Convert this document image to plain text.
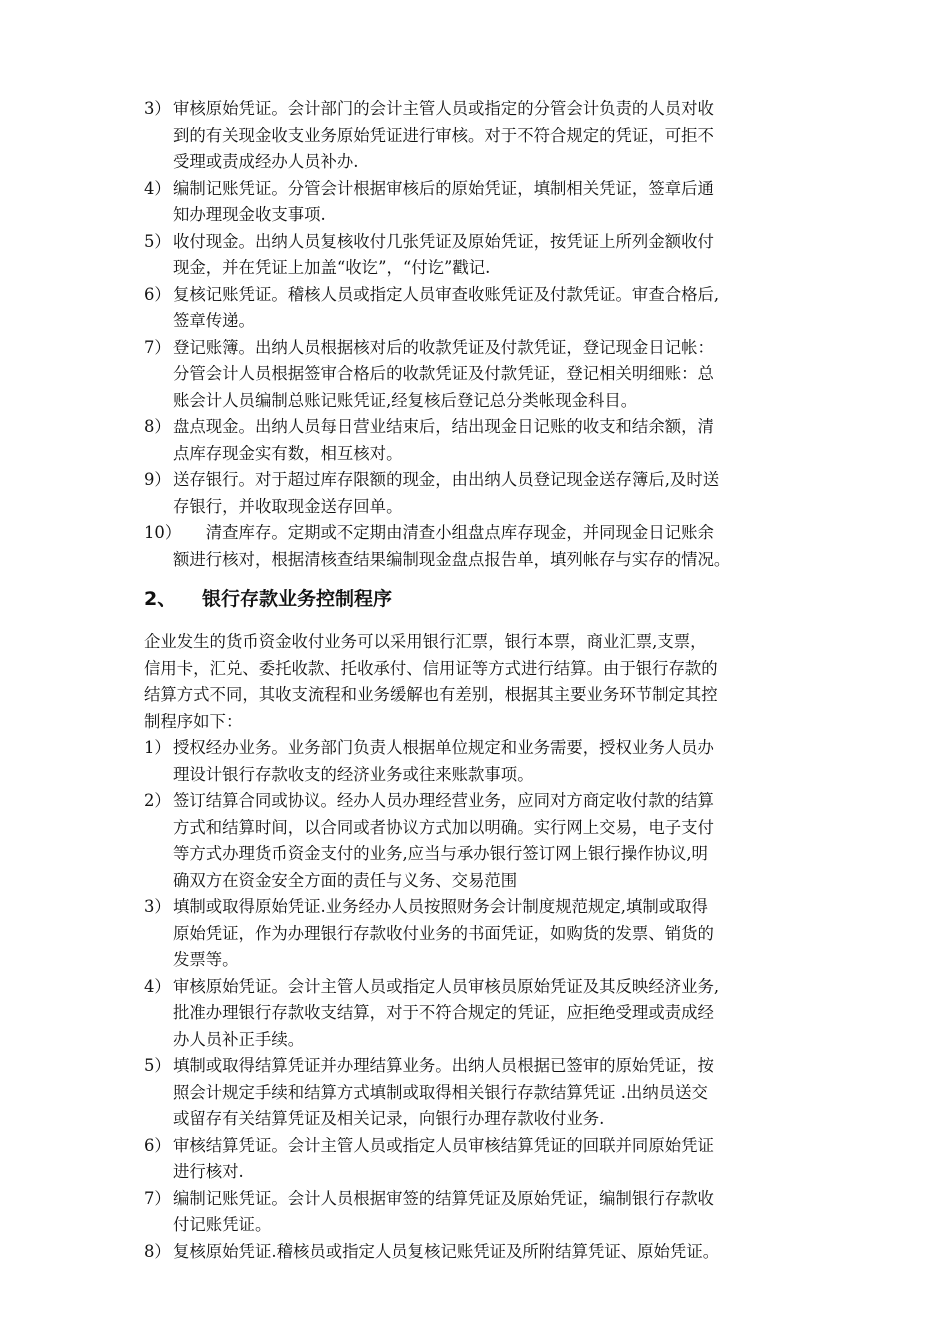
3） 审核原始凭证。会计部门的会计主管人员或指定的分管会计负责的人员对收

到的有关现金收支业务原始凭证进行审核。对于不符合规定的凭证，可拒不

受理或责成经办人员补办.

4） 编制记账凭证。分管会计根据审核后的原始凭证，填制相关凭证，签章后通

知办理现金收支事项.

5） 收付现金。出纳人员复核收付几张凭证及原始凭证，按凭证上所列金额收付

现金，并在凭证上加盖“收讫”，“付讫”戳记.

6） 复核记账凭证。稽核人员或指定人员审查收账凭证及付款凭证。审查合格后,

签章传递。

7） 登记账簿。出纳人员根据核对后的收款凭证及付款凭证，登记现金日记帐：

分管会计人员根据签审合格后的收款凭证及付款凭证，登记相关明细账：总

账会计人员编制总账记账凭证,经复核后登记总分类帐现金科目。

8） 盘点现金。出纳人员每日营业结束后，结出现金日记账的收支和结余额，清

点库存现金实有数，相互核对。

9） 送存银行。对于超过库存限额的现金，由出纳人员登记现金送存簿后,及时送

存银行，并收取现金送存回单。

10）

　　清查库存。定期或不定期由清查小组盘点库存现金，并同现金日记账余

额进行核对，根据清核查结果编制现金盘点报告单，填列帐存与实存的情况。

2、 银行存款业务控制程序

企业发生的货币资金收付业务可以采用银行汇票，银行本票，商业汇票,支票，

信用卡，汇兑、委托收款、托收承付、信用证等方式进行结算。由于银行存款的

结算方式不同，其收支流程和业务缓解也有差别，根据其主要业务环节制定其控

制程序如下：

1） 授权经办业务。业务部门负责人根据单位规定和业务需要，授权业务人员办

理设计银行存款收支的经济业务或往来账款事项。

2） 签订结算合同或协议。经办人员办理经营业务，应同对方商定收付款的结算

方式和结算时间，以合同或者协议方式加以明确。实行网上交易，电子支付

等方式办理货币资金支付的业务,应当与承办银行签订网上银行操作协议,明

确双方在资金安全方面的责任与义务、交易范围

3） 填制或取得原始凭证.业务经办人员按照财务会计制度规范规定,填制或取得

原始凭证，作为办理银行存款收付业务的书面凭证，如购货的发票、销货的

发票等。

4） 审核原始凭证。会计主管人员或指定人员审核员原始凭证及其反映经济业务,

批准办理银行存款收支结算，对于不符合规定的凭证，应拒绝受理或责成经

办人员补正手续。

5） 填制或取得结算凭证并办理结算业务。出纳人员根据已签审的原始凭证，按

照会计规定手续和结算方式填制或取得相关银行存款结算凭证 .出纳员送交

或留存有关结算凭证及相关记录，向银行办理存款收付业务.

6） 审核结算凭证。会计主管人员或指定人员审核结算凭证的回联并同原始凭证

进行核对.

7） 编制记账凭证。会计人员根据审签的结算凭证及原始凭证，编制银行存款收

付记账凭证。

8） 复核原始凭证.稽核员或指定人员复核记账凭证及所附结算凭证、原始凭证。
